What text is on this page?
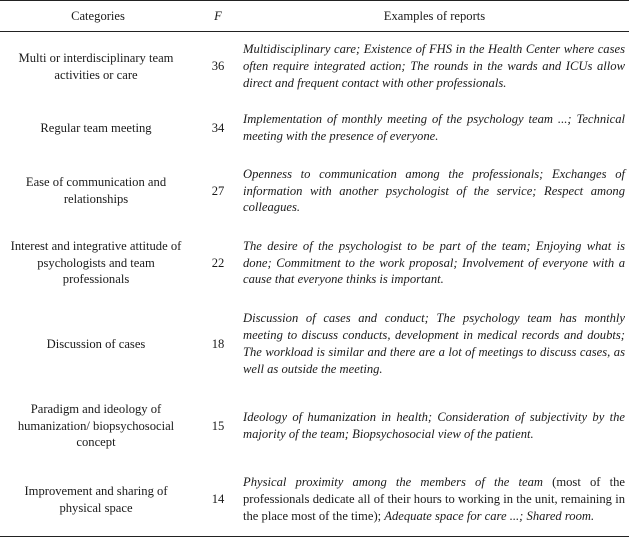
Categories	F	Examples of reports
Multi or interdisciplinary team activities or care	36	Multidisciplinary care; Existence of FHS in the Health Center where cases often require integrated action; The rounds in the wards and ICUs allow direct and frequent contact with other professionals.
Regular team meeting	34	Implementation of monthly meeting of the psychology team ...; Technical meeting with the presence of everyone.
Ease of communication and relationships	27	Openness to communication among the professionals; Exchanges of information with another psychologist of the service; Respect among colleagues.
Interest and integrative attitude of psychologists and team professionals	22	The desire of the psychologist to be part of the team; Enjoying what is done; Commitment to the work proposal; Involvement of everyone with a cause that everyone thinks is important.
Discussion of cases	18	Discussion of cases and conduct; The psychology team has monthly meeting to discuss conducts, development in medical records and doubts; The workload is similar and there are a lot of meetings to discuss cases, as well as outside the meeting.
Paradigm and ideology of humanization/ biopsychosocial concept	15	Ideology of humanization in health; Consideration of subjectivity by the majority of the team; Biopsychosocial view of the patient.
Improvement and sharing of physical space	14	Physical proximity among the members of the team (most of the professionals dedicate all of their hours to working in the unit, remaining in the place most of the time); Adequate space for care ...; Shared room.
